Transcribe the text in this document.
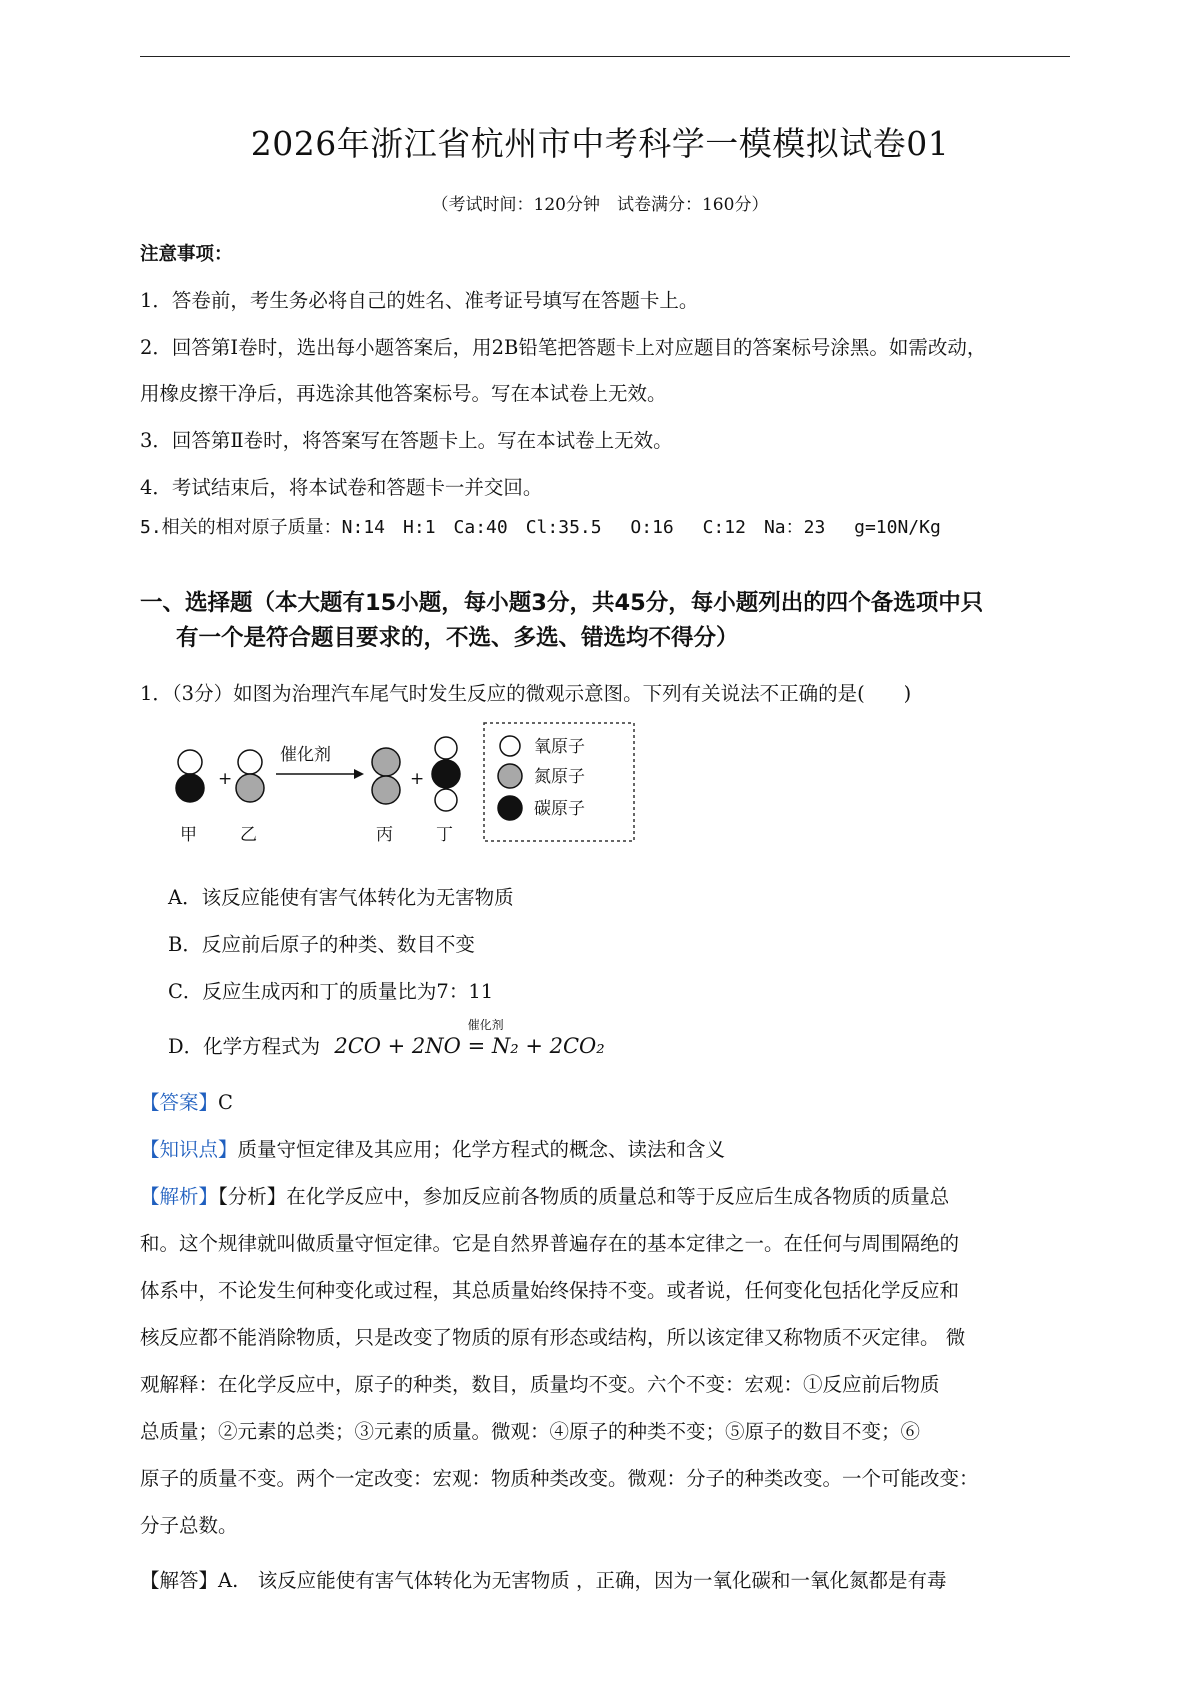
2026年浙江省杭州市中考科学一模模拟试卷01
（考试时间：120分钟　试卷满分：160分）
注意事项：
1．答卷前，考生务必将自己的姓名、准考证号填写在答题卡上。
2．回答第Ⅰ卷时，选出每小题答案后，用2B铅笔把答题卡上对应题目的答案标号涂黑。如需改动，
用橡皮擦干净后，再选涂其他答案标号。写在本试卷上无效。
3．回答第Ⅱ卷时，将答案写在答题卡上。写在本试卷上无效。
4．考试结束后，将本试卷和答题卡一并交回。
5.相关的相对原子质量：N:14　H:1　Ca:40　Cl:35.5　 O:16　 C:12　Na：23　 g=10N/Kg
一、选择题（本大题有15小题，每小题3分，共45分，每小题列出的四个备选项中只
有一个是符合题目要求的，不选、多选、错选均不得分）
1．（3分）如图为治理汽车尾气时发生反应的微观示意图。下列有关说法不正确的是(　　)
+
催化剂
+
甲	乙	丙	丁
氧原子
氮原子
碳原子
A．该反应能使有害气体转化为无害物质
B．反应前后原子的种类、数目不变
C．反应生成丙和丁的质量比为7：11
D．化学方程式为 2CO + 2NO
催化剂
= N₂ + 2CO₂
【答案】C
【知识点】质量守恒定律及其应用；化学方程式的概念、读法和含义
【解析】【分析】在化学反应中，参加反应前各物质的质量总和等于反应后生成各物质的质量总
和。这个规律就叫做质量守恒定律。它是自然界普遍存在的基本定律之一。在任何与周围隔绝的
体系中，不论发生何种变化或过程，其总质量始终保持不变。或者说，任何变化包括化学反应和
核反应都不能消除物质，只是改变了物质的原有形态或结构，所以该定律又称物质不灭定律。 微
观解释：在化学反应中，原子的种类，数目，质量均不变。六个不变：宏观：①反应前后物质
总质量；②元素的总类；③元素的质量。微观：④原子的种类不变；⑤原子的数目不变；⑥
原子的质量不变。两个一定改变：宏观：物质种类改变。微观：分子的种类改变。一个可能改变：
分子总数。
【解答】A.　该反应能使有害气体转化为无害物质 ，正确，因为一氧化碳和一氧化氮都是有毒
